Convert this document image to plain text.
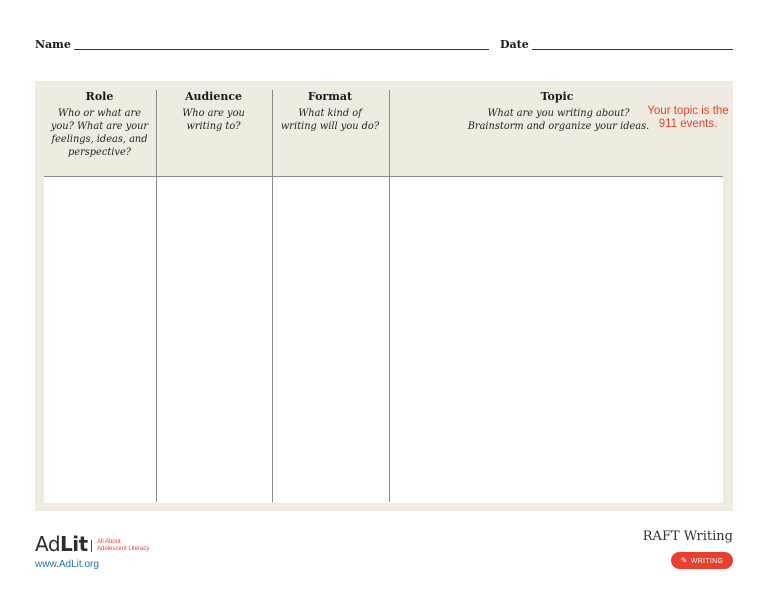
Name	Date
Role
Who or what are you? What are your feelings, ideas, and perspective?
Audience
Who are you writing to?
Format
What kind of writing will you do?
Topic
What are you writing about? Brainstorm and organize your ideas.
Your topic is the 911 events.
Ad Lit All About
Adolescent Literacy
www.AdLit.org
RAFT Writing
✎ WRITING
